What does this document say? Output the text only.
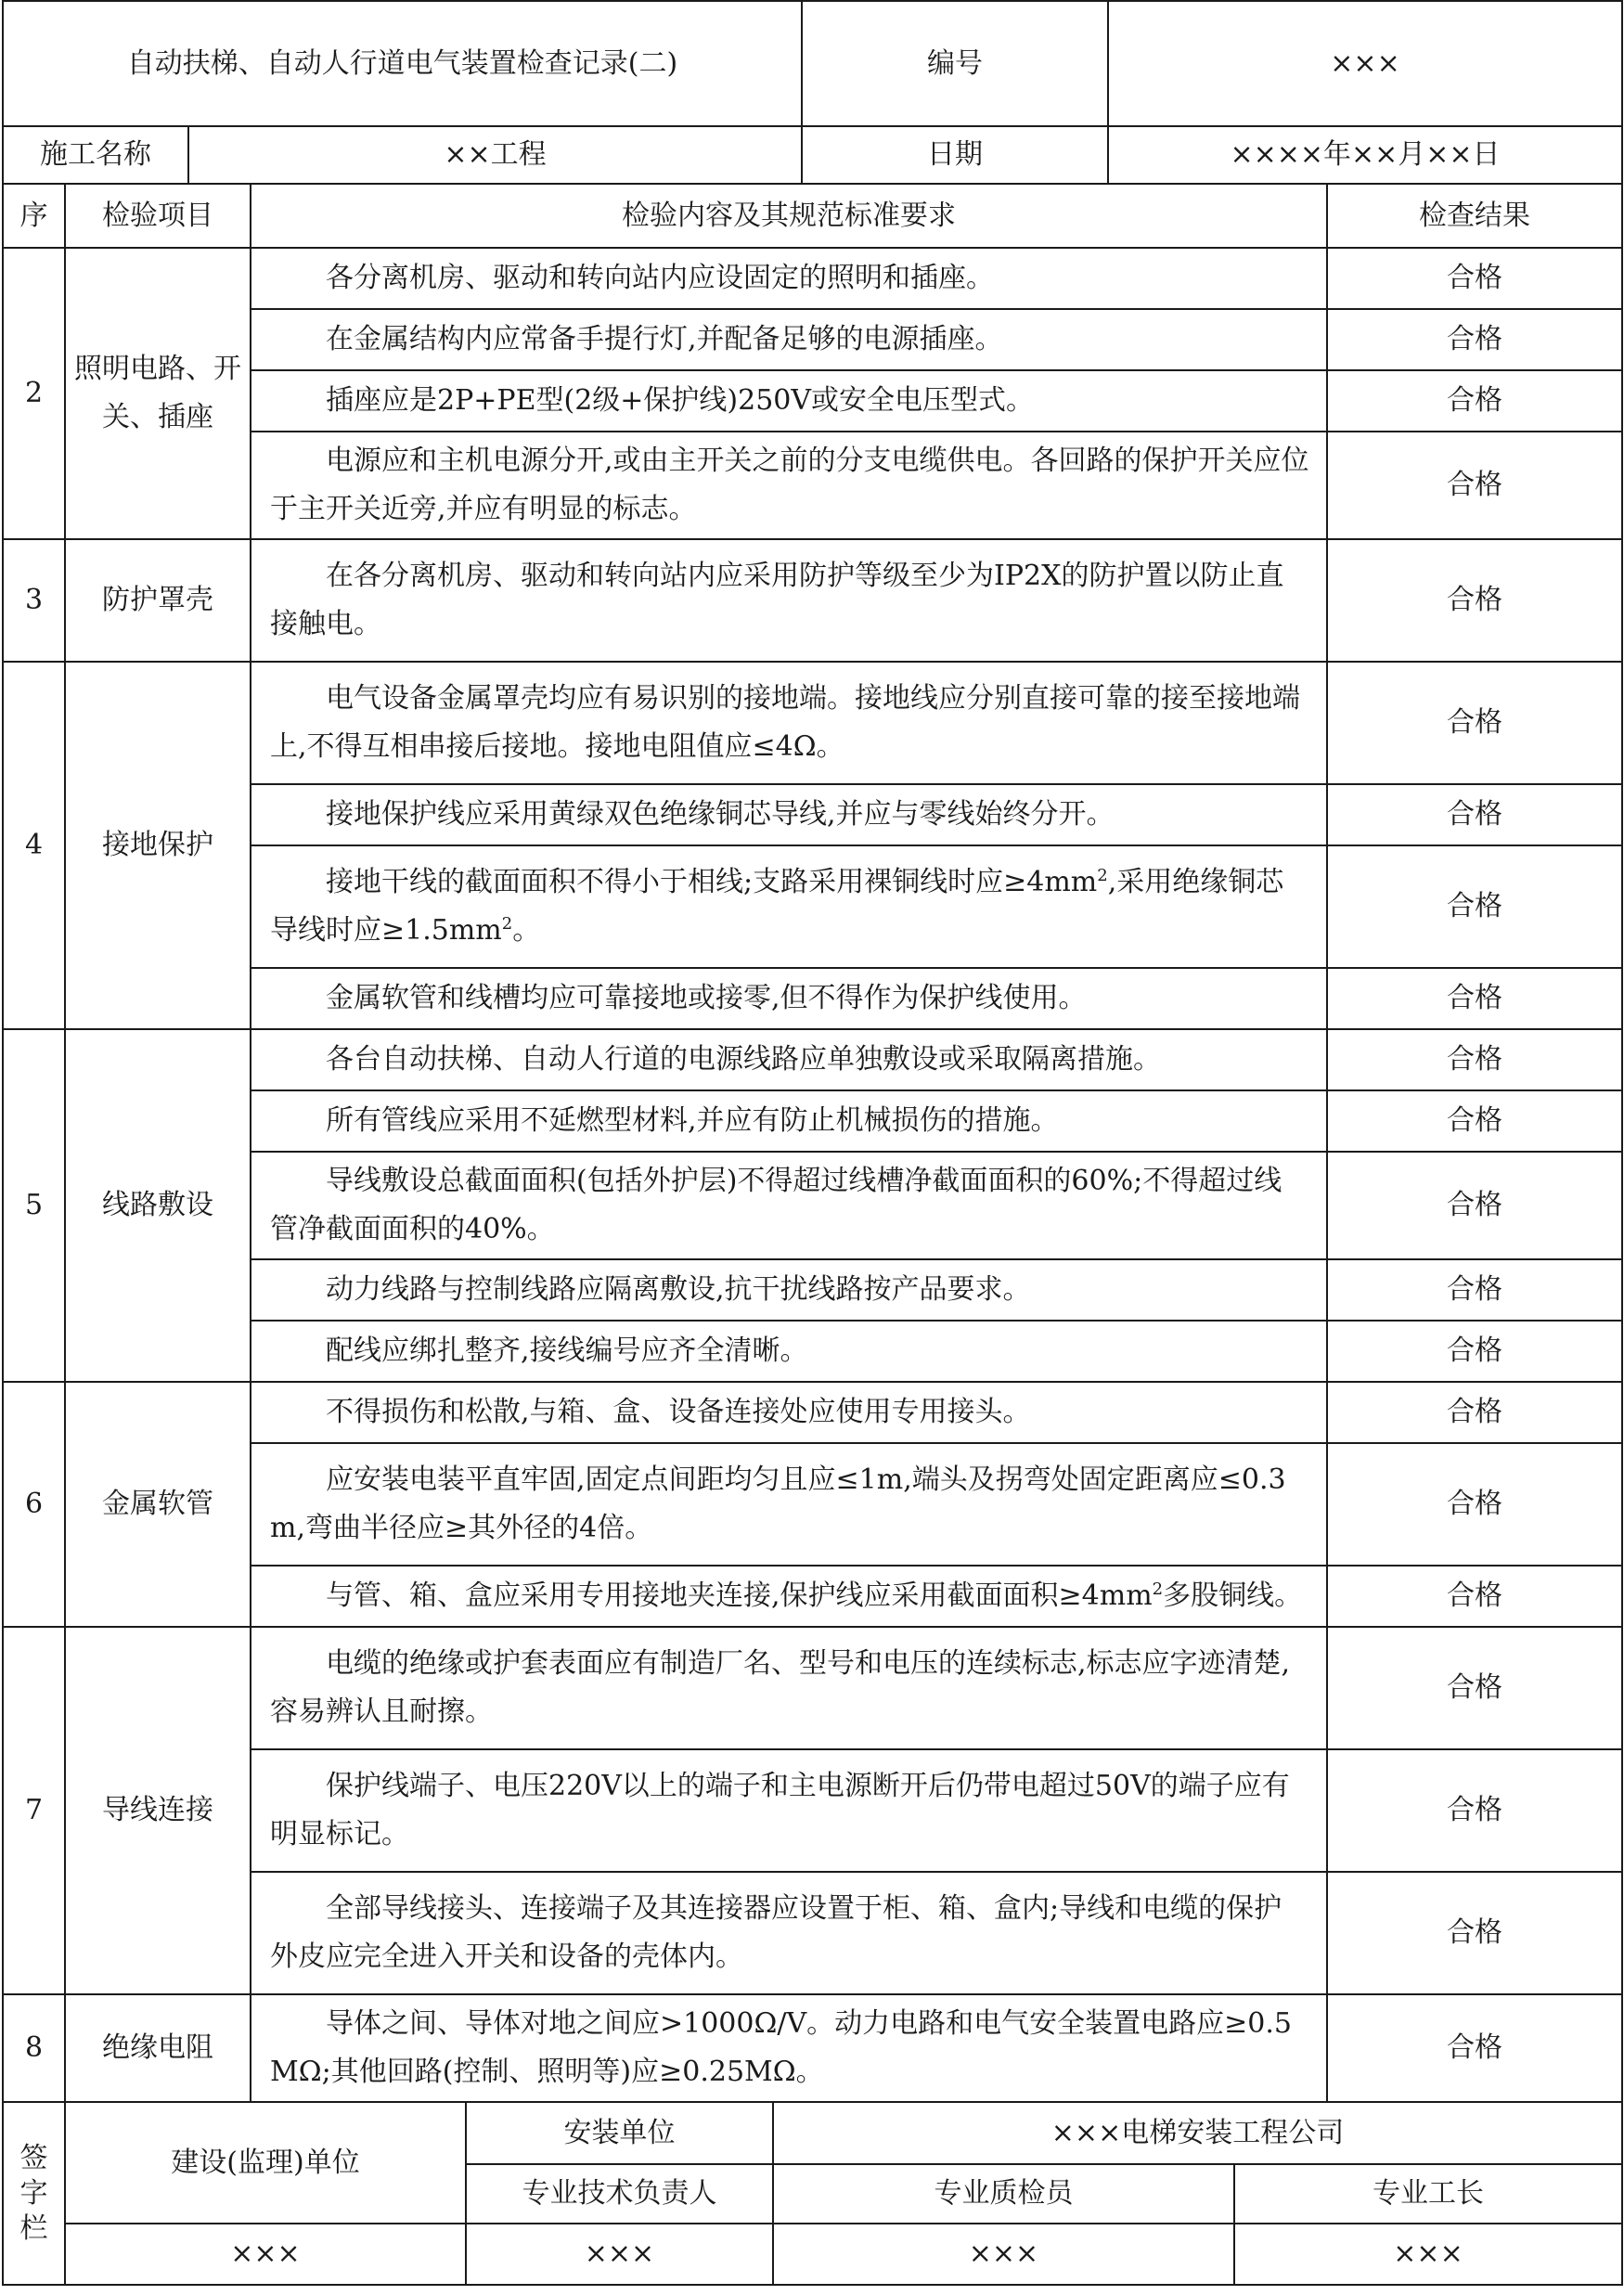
自动扶梯、自动人行道电气装置检查记录(二)		编号	×××
施工名称	××工程	日期	××××年××月××日
序	检验项目	检验内容及其规范标准要求	检查结果
2	照明电路、开关、插座	各分离机房、驱动和转向站内应设固定的照明和插座。	合格
		在金属结构内应常备手提行灯,并配备足够的电源插座。	合格
		插座应是2P+PE型(2级+保护线)250V或安全电压型式。	合格
		电源应和主机电源分开,或由主开关之前的分支电缆供电。各回路的保护开关应位于主开关近旁,并应有明显的标志。	合格
3	防护罩壳	在各分离机房、驱动和转向站内应采用防护等级至少为IP2X的防护置以防止直接触电。	合格
4	接地保护	电气设备金属罩壳均应有易识别的接地端。接地线应分别直接可靠的接至接地端上,不得互相串接后接地。接地电阻值应≤4Ω。	合格
		接地保护线应采用黄绿双色绝缘铜芯导线,并应与零线始终分开。	合格
		接地干线的截面面积不得小于相线;支路采用裸铜线时应$\ge 4mm^2$,采用绝缘铜芯导线时应$\ge 1.5mm^2$。	合格
		金属软管和线槽均应可靠接地或接零,但不得作为保护线使用。	合格
5	线路敷设	各台自动扶梯、自动人行道的电源线路应单独敷设或采取隔离措施。	合格
		所有管线应采用不延燃型材料,并应有防止机械损伤的措施。	合格
		导线敷设总截面面积(包括外护层)不得超过线槽净截面面积的60%;不得超过线管净截面面积的40%。	合格
		动力线路与控制线路应隔离敷设,抗干扰线路按产品要求。	合格
		配线应绑扎整齐,接线编号应齐全清晰。	合格
6	金属软管	不得损伤和松散,与箱、盒、设备连接处应使用专用接头。	合格
		应安装电装平直牢固,固定点间距均匀且应≤1m,端头及拐弯处固定距离应≤0.3m,弯曲半径应≥其外径的4倍。	合格
		与管、箱、盒应采用专用接地夹连接,保护线应采用截面面积$\ge 4mm^2$多股铜线。	合格
7	导线连接	电缆的绝缘或护套表面应有制造厂名、型号和电压的连续标志,标志应字迹清楚,容易辨认且耐擦。	合格
		保护线端子、电压220V以上的端子和主电源断开后仍带电超过50V的端子应有明显标记。	合格
		全部导线接头、连接端子及其连接器应设置于柜、箱、盒内;导线和电缆的保护外皮应完全进入开关和设备的壳体内。	合格
8	绝缘电阻	导体之间、导体对地之间应>1000Ω/V。动力电路和电气安全装置电路应≥0.5MΩ;其他回路(控制、照明等)应≥0.25MΩ。	合格
签
字
栏	建设(监理)单位	安装单位	×××电梯安装工程公司	
		专业技术负责人	专业质检员	专业工长
	×××	×××	×××	×××
